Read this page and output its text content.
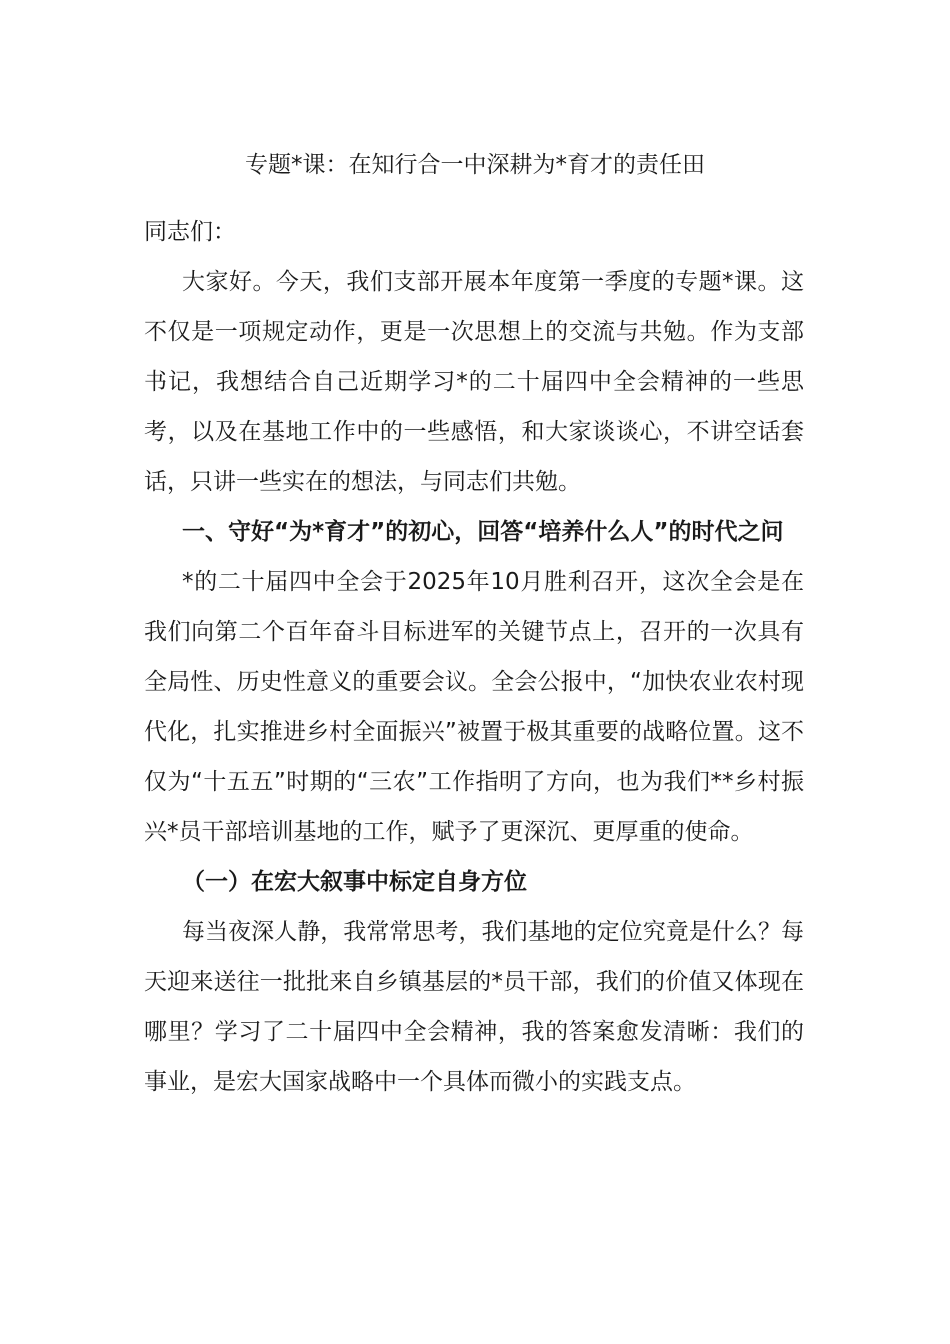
专题*课：在知行合一中深耕为*育才的责任田

同志们：

大家好。今天，我们支部开展本年度第一季度的专题*课。这不仅是一项规定动作，更是一次思想上的交流与共勉。作为支部书记，我想结合自己近期学习*的二十届四中全会精神的一些思考，以及在基地工作中的一些感悟，和大家谈谈心，不讲空话套话，只讲一些实在的想法，与同志们共勉。

一、守好“为*育才”的初心，回答“培养什么人”的时代之问

*的二十届四中全会于2025年10月胜利召开，这次全会是在我们向第二个百年奋斗目标进军的关键节点上，召开的一次具有全局性、历史性意义的重要会议。全会公报中，“加快农业农村现代化，扎实推进乡村全面振兴”被置于极其重要的战略位置。这不仅为“十五五”时期的“三农”工作指明了方向，也为我们**乡村振兴*员干部培训基地的工作，赋予了更深沉、更厚重的使命。

（一）在宏大叙事中标定自身方位

每当夜深人静，我常常思考，我们基地的定位究竟是什么？每天迎来送往一批批来自乡镇基层的*员干部，我们的价值又体现在哪里？学习了二十届四中全会精神，我的答案愈发清晰：我们的事业，是宏大国家战略中一个具体而微小的实践支点。
